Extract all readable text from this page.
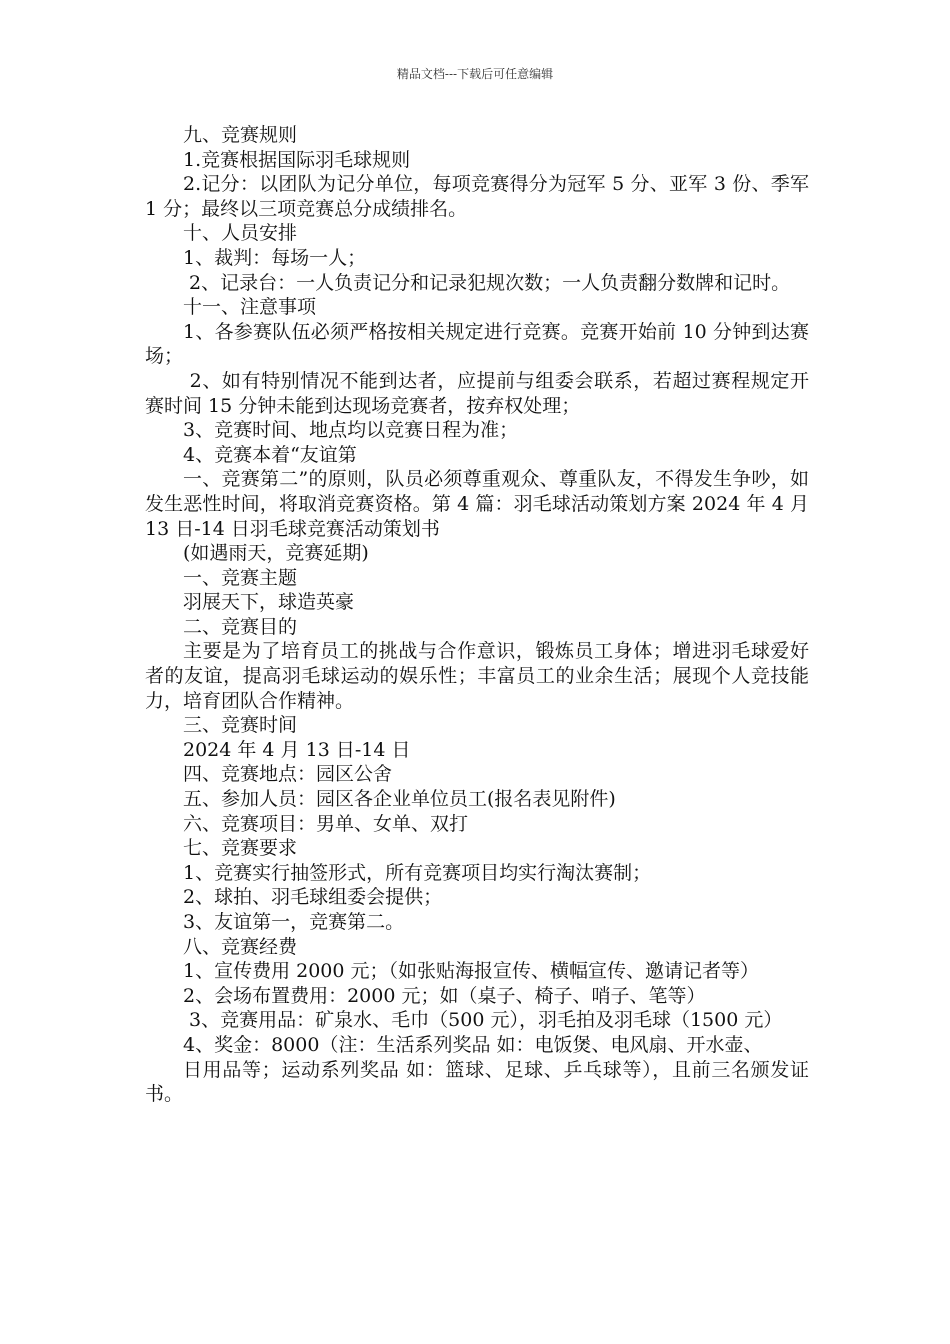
精品文档---下载后可任意编辑

九、竞赛规则

1.竞赛根据国际羽毛球规则

2.记分：以团队为记分单位，每项竞赛得分为冠军 5 分、亚军 3 份、季军 1 分；最终以三项竞赛总分成绩排名。

十、人员安排

1、裁判：每场一人；

2、记录台：一人负责记分和记录犯规次数；一人负责翻分数牌和记时。

十一、注意事项

1、各参赛队伍必须严格按相关规定进行竞赛。竞赛开始前 10 分钟到达赛场；

2、如有特别情况不能到达者，应提前与组委会联系，若超过赛程规定开赛时间 15 分钟未能到达现场竞赛者，按弃权处理；

3、竞赛时间、地点均以竞赛日程为准；

4、竞赛本着“友谊第

一、竞赛第二”的原则，队员必须尊重观众、尊重队友，不得发生争吵，如发生恶性时间，将取消竞赛资格。第 4 篇：羽毛球活动策划方案 2024 年 4 月 13 日-14 日羽毛球竞赛活动策划书

(如遇雨天，竞赛延期)

一、竞赛主题

羽展天下，球造英豪

二、竞赛目的

主要是为了培育员工的挑战与合作意识，锻炼员工身体；增进羽毛球爱好者的友谊，提高羽毛球运动的娱乐性；丰富员工的业余生活；展现个人竞技能力，培育团队合作精神。

三、竞赛时间

2024 年 4 月 13 日-14 日

四、竞赛地点：园区公舍

五、参加人员：园区各企业单位员工(报名表见附件)

六、竞赛项目：男单、女单、双打

七、竞赛要求

1、竞赛实行抽签形式，所有竞赛项目均实行淘汰赛制；

2、球拍、羽毛球组委会提供；

3、友谊第一，竞赛第二。

八、竞赛经费

1、宣传费用 2000 元；（如张贴海报宣传、横幅宣传、邀请记者等）

2、会场布置费用：2000 元；如（桌子、椅子、哨子、笔等）

3、竞赛用品：矿泉水、毛巾（500 元），羽毛拍及羽毛球（1500 元）

4、奖金：8000（注：生活系列奖品 如：电饭煲、电风扇、开水壶、

日用品等；运动系列奖品 如：篮球、足球、乒乓球等），且前三名颁发证书。
